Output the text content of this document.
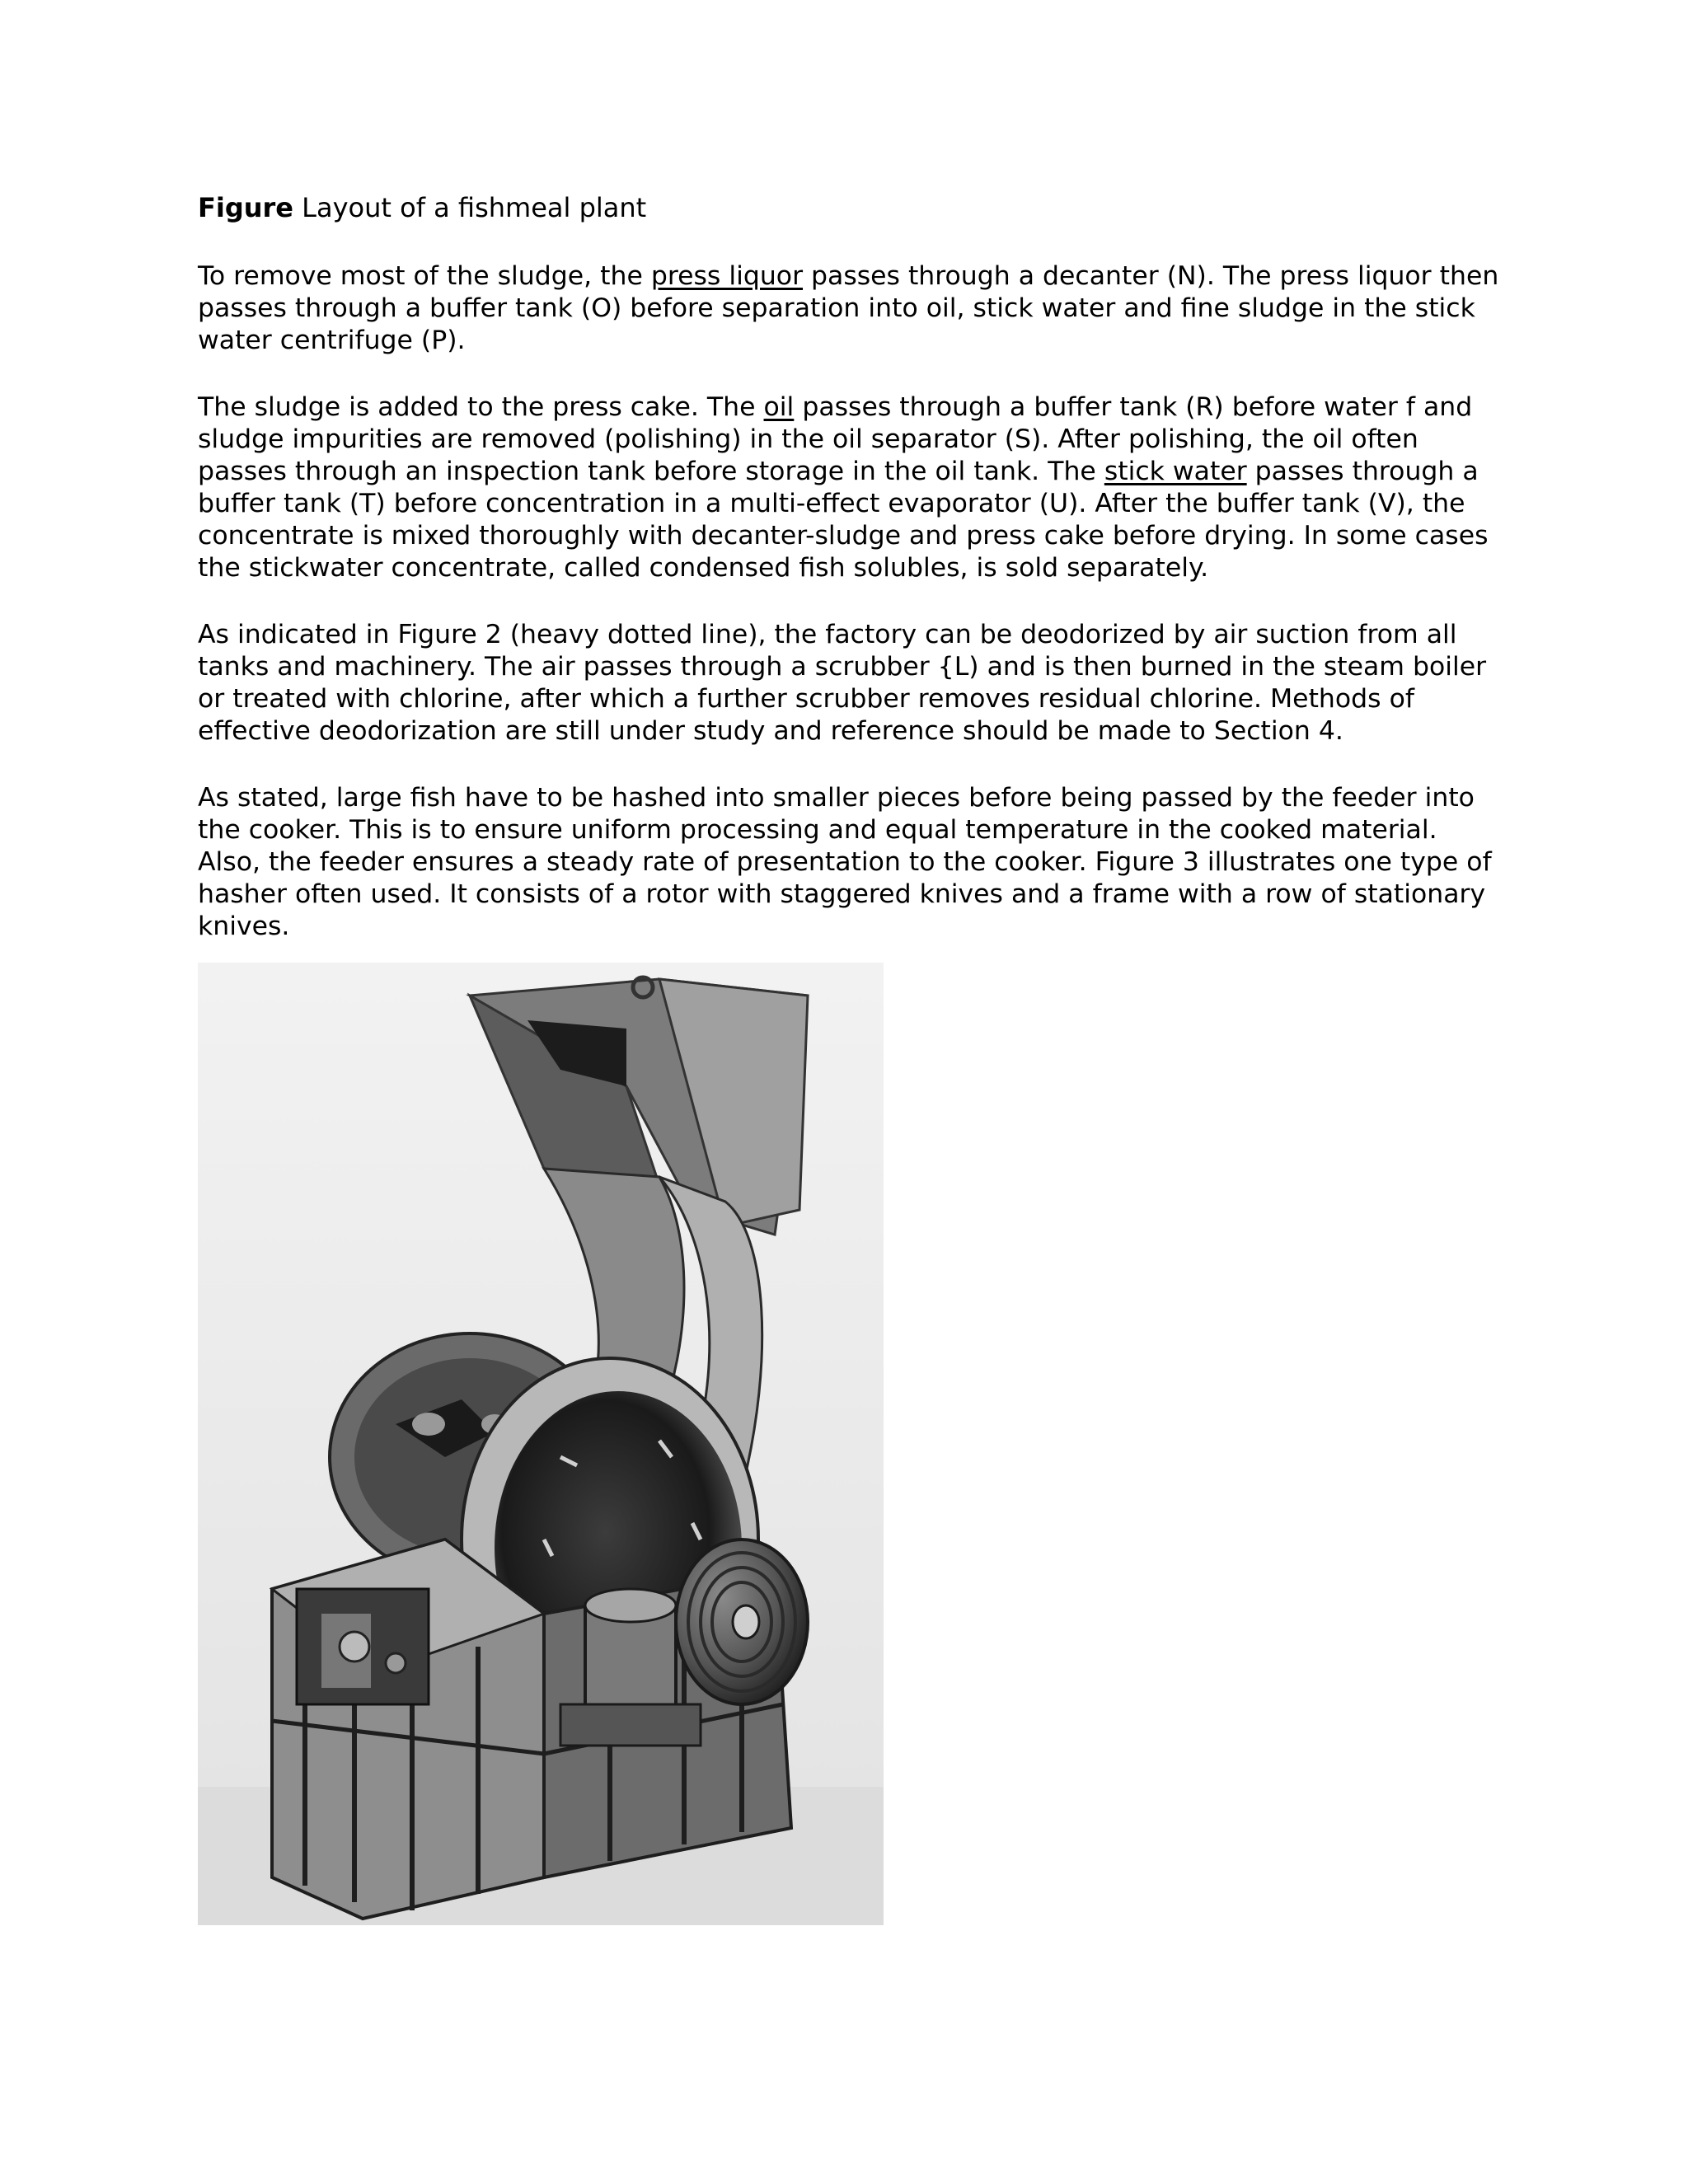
Figure Layout of a fishmeal plant

To remove most of the sludge, the press liquor passes through a decanter (N). The press liquor then passes through a buffer tank (O) before separation into oil, stick water and fine sludge in the stick water centrifuge (P).

The sludge is added to the press cake. The oil passes through a buffer tank (R) before water f and sludge impurities are removed (polishing) in the oil separator (S). After polishing, the oil often passes through an inspection tank before storage in the oil tank. The stick water passes through a buffer tank (T) before concentration in a multi-effect evaporator (U). After the buffer tank (V), the concentrate is mixed thoroughly with decanter-sludge and press cake before drying. In some cases the stickwater concentrate, called condensed fish solubles, is sold separately.

As indicated in Figure 2 (heavy dotted line), the factory can be deodorized by air suction from all tanks and machinery. The air passes through a scrubber {L) and is then burned in the steam boiler or treated with chlorine, after which a further scrubber removes residual chlorine. Methods of effective deodorization are still under study and reference should be made to Section 4.

As stated, large fish have to be hashed into smaller pieces before being passed by the feeder into the cooker. This is to ensure uniform processing and equal temperature in the cooked material. Also, the feeder ensures a steady rate of presentation to the cooker. Figure 3 illustrates one type of hasher often used. It consists of a rotor with staggered knives and a frame with a row of stationary knives.
